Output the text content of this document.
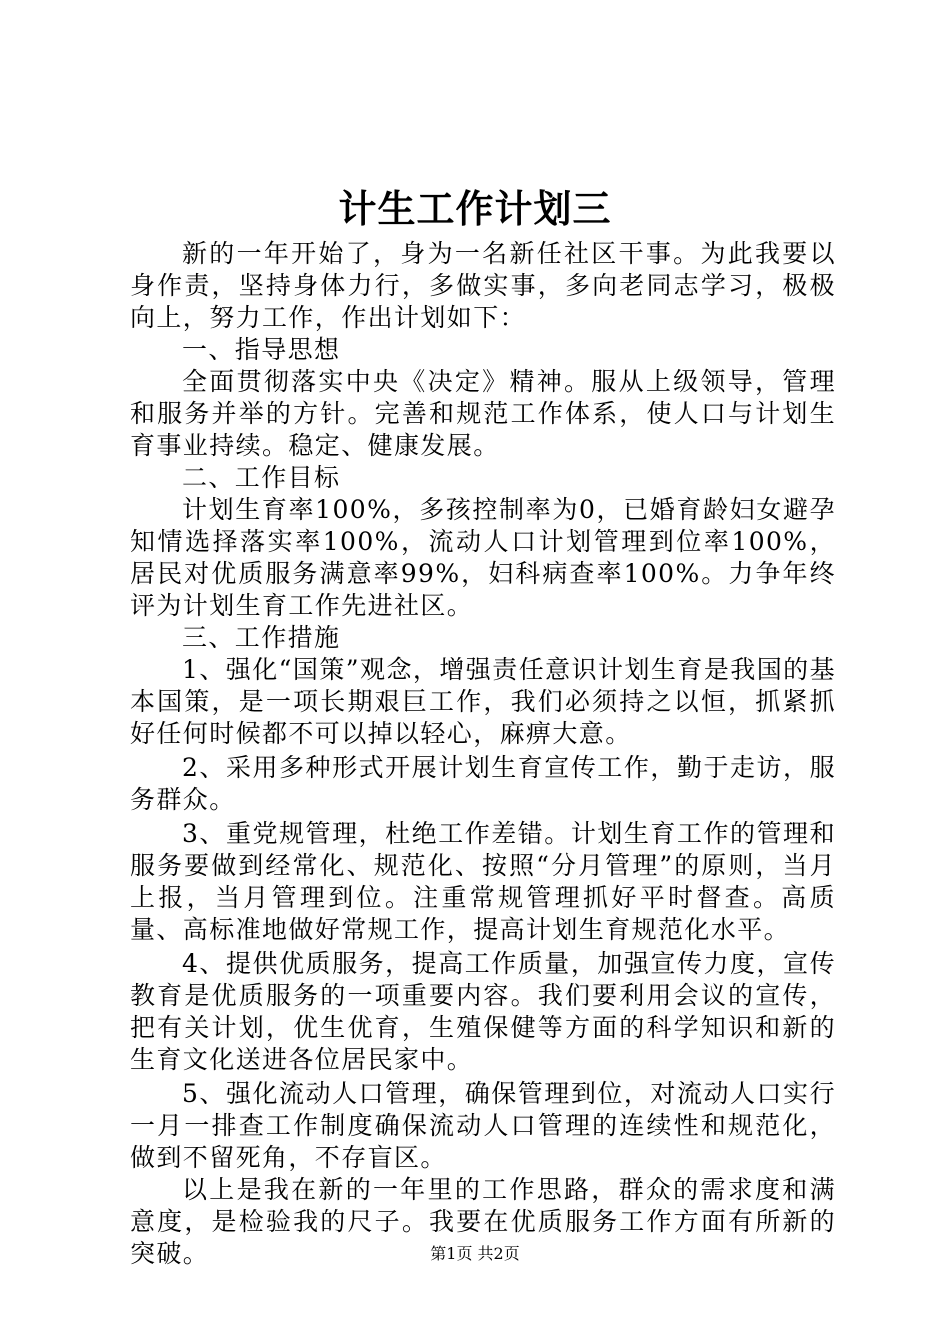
计生工作计划三

新的一年开始了，身为一名新任社区干事。为此我要以身作责，坚持身体力行，多做实事，多向老同志学习，极极向上，努力工作，作出计划如下：

一、指导思想

全面贯彻落实中央《决定》精神。服从上级领导，管理和服务并举的方针。完善和规范工作体系，使人口与计划生育事业持续。稳定、健康发展。

二、工作目标

计划生育率100%，多孩控制率为0，已婚育龄妇女避孕知情选择落实率100%，流动人口计划管理到位率100%，居民对优质服务满意率99%，妇科病查率100%。力争年终评为计划生育工作先进社区。

三、工作措施

1、强化“国策”观念，增强责任意识计划生育是我国的基本国策，是一项长期艰巨工作，我们必须持之以恒，抓紧抓好任何时候都不可以掉以轻心，麻痹大意。

2、采用多种形式开展计划生育宣传工作，勤于走访，服务群众。

3、重党规管理，杜绝工作差错。计划生育工作的管理和服务要做到经常化、规范化、按照“分月管理”的原则，当月上报，当月管理到位。注重常规管理抓好平时督查。高质量、高标准地做好常规工作，提高计划生育规范化水平。

4、提供优质服务，提高工作质量，加强宣传力度，宣传教育是优质服务的一项重要内容。我们要利用会议的宣传，把有关计划，优生优育，生殖保健等方面的科学知识和新的生育文化送进各位居民家中。

5、强化流动人口管理，确保管理到位，对流动人口实行一月一排查工作制度确保流动人口管理的连续性和规范化，做到不留死角，不存盲区。

以上是我在新的一年里的工作思路，群众的需求度和满意度，是检验我的尺子。我要在优质服务工作方面有所新的突破。	第1页 共2页
